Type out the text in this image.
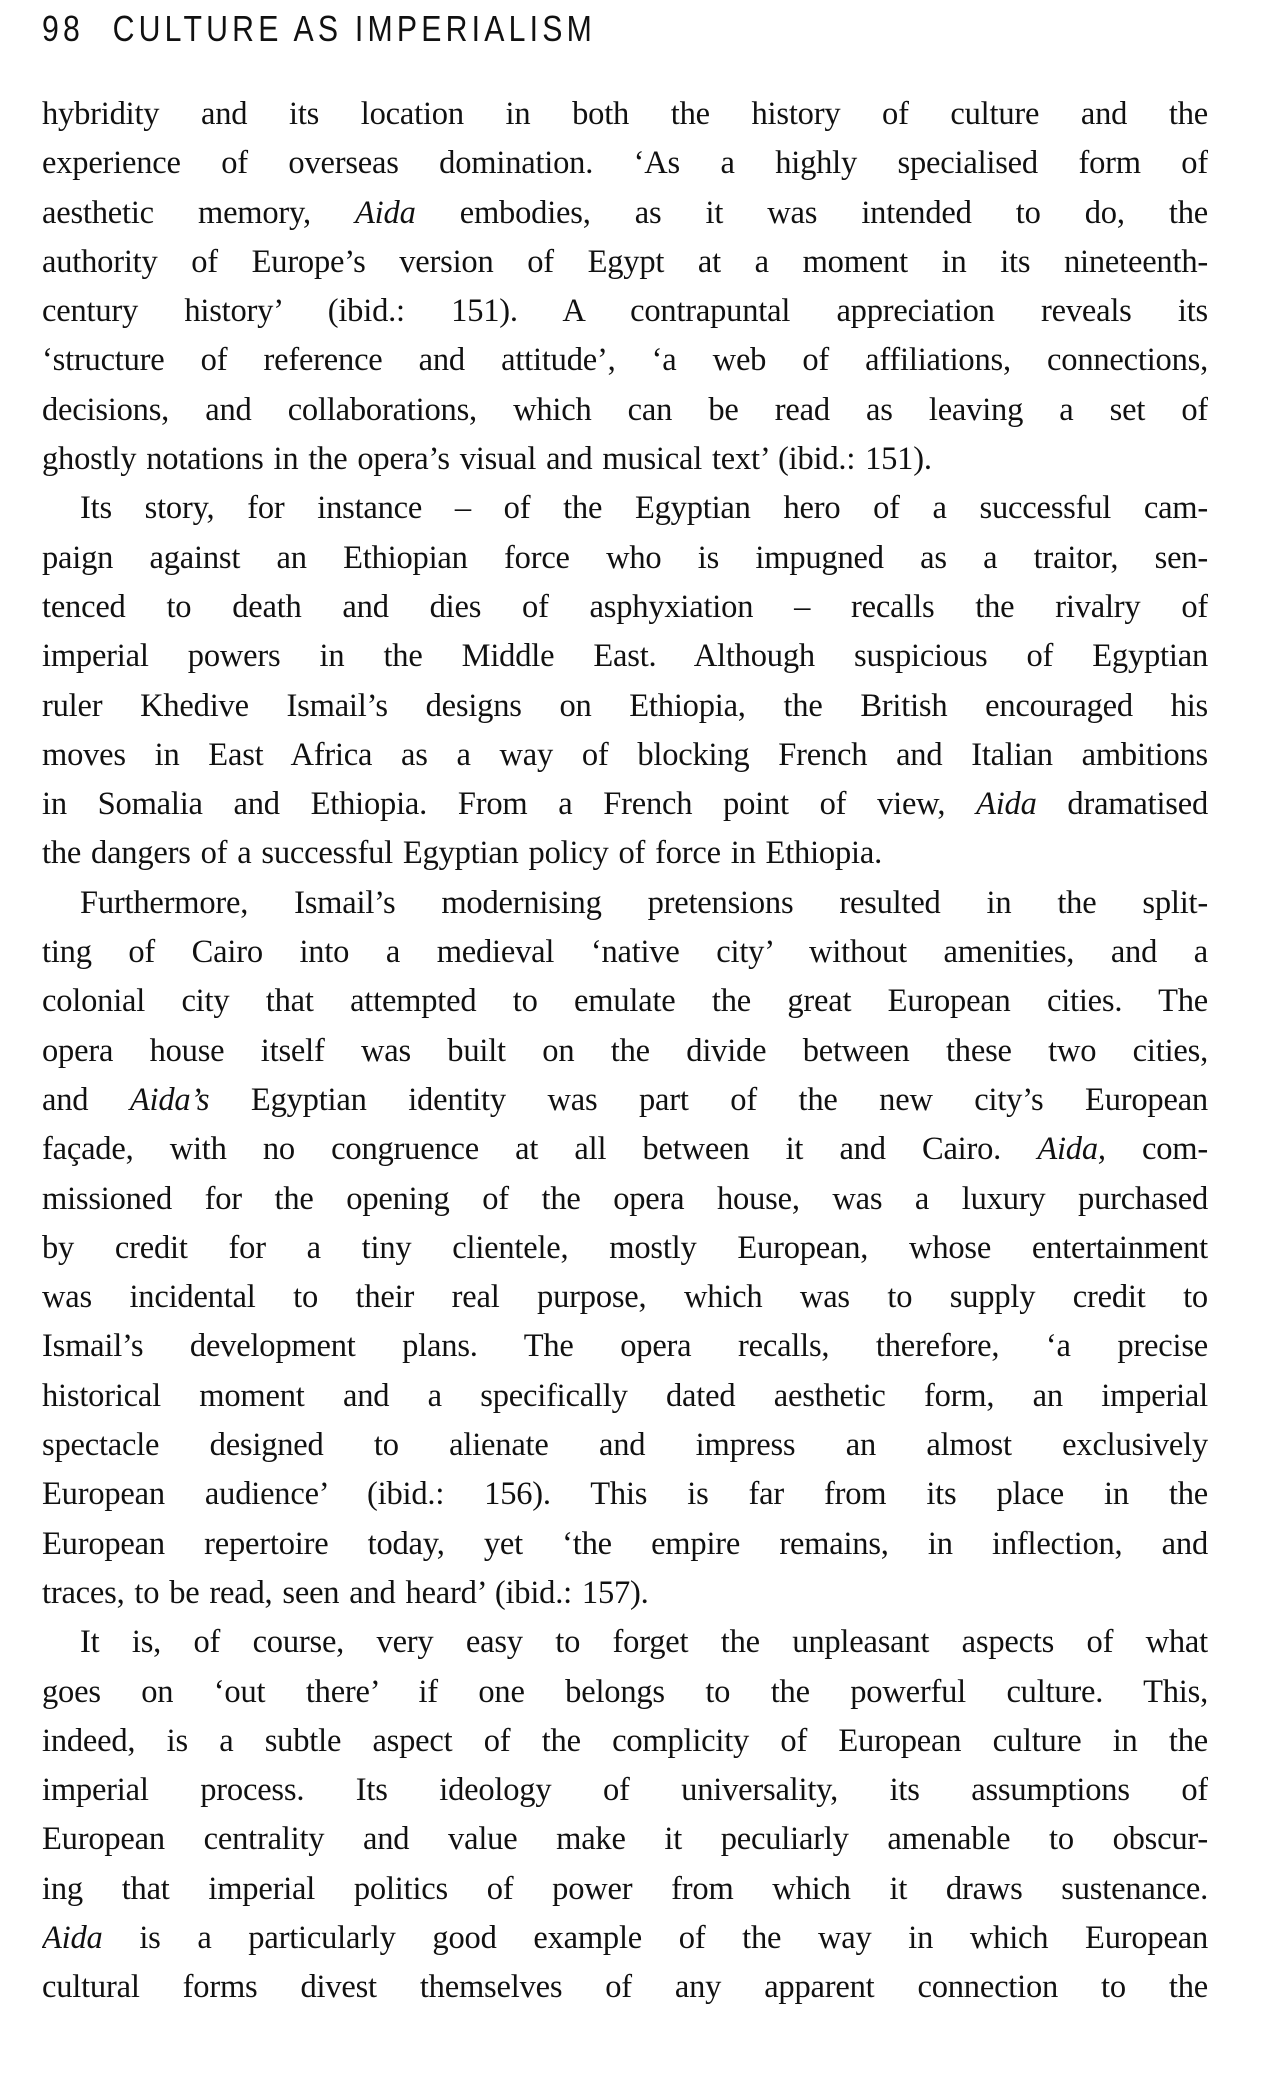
98 CULTURE AS IMPERIALISM
hybridity and its location in both the history of culture and the
experience of overseas domination. ‘As a highly specialised form of
aesthetic memory, Aida embodies, as it was intended to do, the
authority of Europe’s version of Egypt at a moment in its nineteenth-
century history’ (ibid.: 151). A contrapuntal appreciation reveals its
‘structure of reference and attitude’, ‘a web of affiliations, connections,
decisions, and collaborations, which can be read as leaving a set of
ghostly notations in the opera’s visual and musical text’ (ibid.: 151).
Its story, for instance – of the Egyptian hero of a successful cam-
paign against an Ethiopian force who is impugned as a traitor, sen-
tenced to death and dies of asphyxiation – recalls the rivalry of
imperial powers in the Middle East. Although suspicious of Egyptian
ruler Khedive Ismail’s designs on Ethiopia, the British encouraged his
moves in East Africa as a way of blocking French and Italian ambitions
in Somalia and Ethiopia. From a French point of view, Aida dramatised
the dangers of a successful Egyptian policy of force in Ethiopia.
Furthermore, Ismail’s modernising pretensions resulted in the split-
ting of Cairo into a medieval ‘native city’ without amenities, and a
colonial city that attempted to emulate the great European cities. The
opera house itself was built on the divide between these two cities,
and Aida’s Egyptian identity was part of the new city’s European
façade, with no congruence at all between it and Cairo. Aida, com-
missioned for the opening of the opera house, was a luxury purchased
by credit for a tiny clientele, mostly European, whose entertainment
was incidental to their real purpose, which was to supply credit to
Ismail’s development plans. The opera recalls, therefore, ‘a precise
historical moment and a specifically dated aesthetic form, an imperial
spectacle designed to alienate and impress an almost exclusively
European audience’ (ibid.: 156). This is far from its place in the
European repertoire today, yet ‘the empire remains, in inflection, and
traces, to be read, seen and heard’ (ibid.: 157).
It is, of course, very easy to forget the unpleasant aspects of what
goes on ‘out there’ if one belongs to the powerful culture. This,
indeed, is a subtle aspect of the complicity of European culture in the
imperial process. Its ideology of universality, its assumptions of
European centrality and value make it peculiarly amenable to obscur-
ing that imperial politics of power from which it draws sustenance.
Aida is a particularly good example of the way in which European
cultural forms divest themselves of any apparent connection to the
